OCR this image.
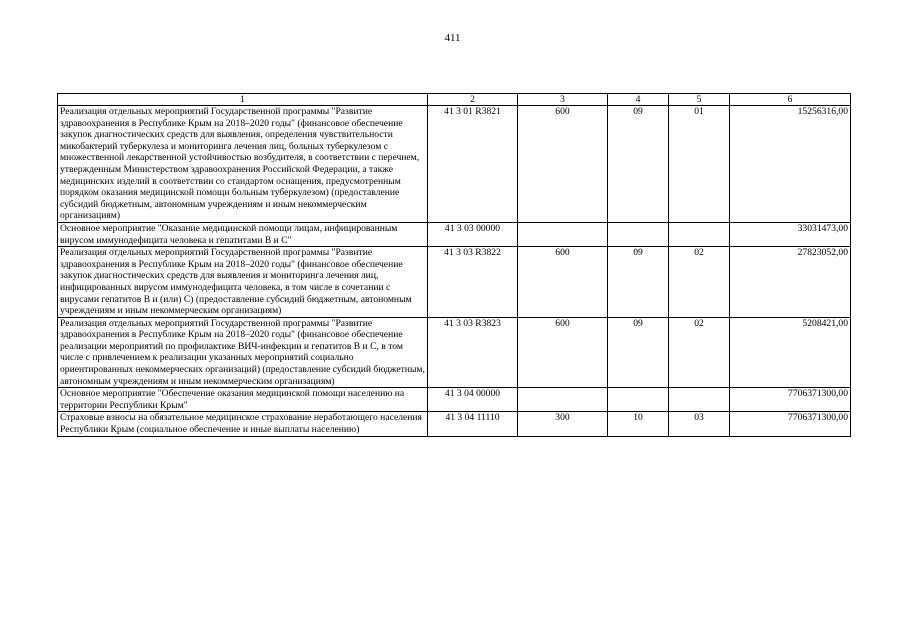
411
1	2	3	4	5	6
Реализация отдельных мероприятий Государственной программы "Развитие здравоохранения в Республике Крым на 2018–2020 годы" (финансовое обеспечение закупок диагностических средств для выявления, определения чувствительности микобактерий туберкулеза и мониторинга лечения лиц, больных туберкулезом с множественной лекарственной устойчивостью возбудителя, в соответствии с перечнем, утвержденным Министерством здравоохранения Российской Федерации, а также медицинских изделий в соответствии со стандартом оснащения, предусмотренным порядком оказания медицинской помощи больным туберкулезом) (предоставление субсидий бюджетным, автономным учреждениям и иным некоммерческим организациям)	41 3 01 R3821	600	09	01	15256316,00
Основное мероприятие "Оказание медицинской помощи лицам, инфицированным вирусом иммунодефицита человека и гепатитами B и C"	41 3 03 00000				33031473,00
Реализация отдельных мероприятий Государственной программы "Развитие здравоохранения в Республике Крым на 2018–2020 годы" (финансовое обеспечение закупок диагностических средств для выявления и мониторинга лечения лиц, инфицированных вирусом иммунодефицита человека, в том числе в сочетании с вирусами гепатитов B и (или) C) (предоставление субсидий бюджетным, автономным учреждениям и иным некоммерческим организациям)	41 3 03 R3822	600	09	02	27823052,00
Реализация отдельных мероприятий Государственной программы "Развитие здравоохранения в Республике Крым на 2018–2020 годы" (финансовое обеспечение реализации мероприятий по профилактике ВИЧ-инфекции и гепатитов B и C, в том числе с привлечением к реализации указанных мероприятий социально ориентированных некоммерческих организаций) (предоставление субсидий бюджетным, автономным учреждениям и иным некоммерческим организациям)	41 3 03 R3823	600	09	02	5208421,00
Основное мероприятие "Обеспечение оказания медицинской помощи населению на территории Республики Крым"	41 3 04 00000				7706371300,00
Страховые взносы на обязательное медицинское страхование неработающего населения Республики Крым (социальное обеспечение и иные выплаты населению)	41 3 04 11110	300	10	03	7706371300,00
